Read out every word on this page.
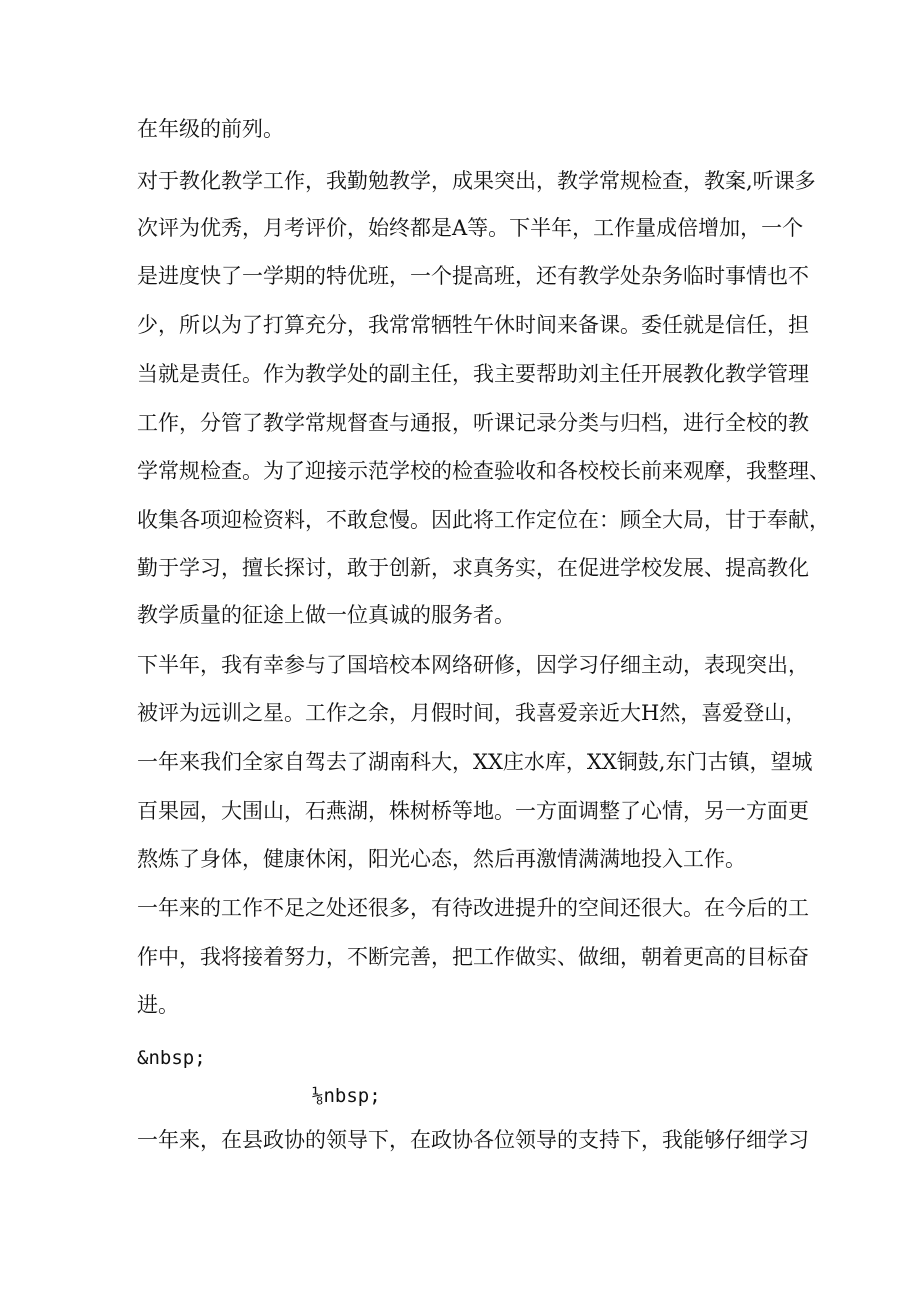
在年级的前列。

对于教化教学工作，我勤勉教学，成果突出，教学常规检查，教案,听课多

次评为优秀，月考评价，始终都是A等。下半年，工作量成倍增加，一个

是进度快了一学期的特优班，一个提高班，还有教学处杂务临时事情也不

少，所以为了打算充分，我常常牺牲午休时间来备课。委任就是信任，担

当就是责任。作为教学处的副主任，我主要帮助刘主任开展教化教学管理

工作，分管了教学常规督查与通报，听课记录分类与归档，进行全校的教

学常规检查。为了迎接示范学校的检查验收和各校校长前来观摩，我整理、

收集各项迎检资料，不敢怠慢。因此将工作定位在：顾全大局，甘于奉献，

勤于学习，擅长探讨，敢于创新，求真务实，在促进学校发展、提高教化

教学质量的征途上做一位真诚的服务者。

下半年，我有幸参与了国培校本网络研修，因学习仔细主动，表现突出，

被评为远训之星。工作之余，月假时间，我喜爱亲近大H然，喜爱登山，

一年来我们全家自驾去了湖南科大，XX庄水库，XX铜鼓,东门古镇，望城

百果园，大围山，石燕湖，株树桥等地。一方面调整了心情，另一方面更

熬炼了身体，健康休闲，阳光心态，然后再激情满满地投入工作。

一年来的工作不足之处还很多，有待改进提升的空间还很大。在今后的工

作中，我将接着努力，不断完善，把工作做实、做细，朝着更高的目标奋

进。

&nbsp;

⅛nbsp;

一年来，在县政协的领导下，在政协各位领导的支持下，我能够仔细学习
